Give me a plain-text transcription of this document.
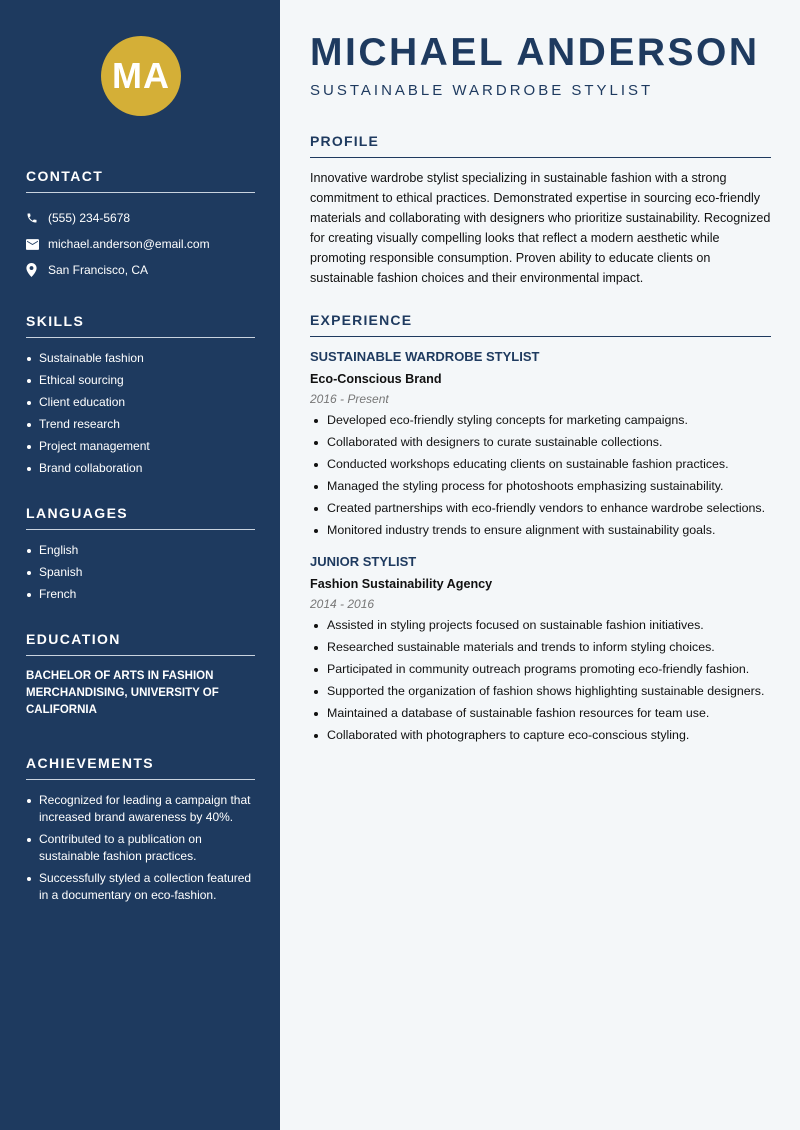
MA
CONTACT
(555) 234-5678
michael.anderson@email.com
San Francisco, CA
SKILLS
Sustainable fashion
Ethical sourcing
Client education
Trend research
Project management
Brand collaboration
LANGUAGES
English
Spanish
French
EDUCATION
BACHELOR OF ARTS IN FASHION MERCHANDISING, UNIVERSITY OF CALIFORNIA
ACHIEVEMENTS
Recognized for leading a campaign that increased brand awareness by 40%.
Contributed to a publication on sustainable fashion practices.
Successfully styled a collection featured in a documentary on eco-fashion.
MICHAEL ANDERSON
SUSTAINABLE WARDROBE STYLIST
PROFILE

Innovative wardrobe stylist specializing in sustainable fashion with a strong commitment to ethical practices. Demonstrated expertise in sourcing eco-friendly materials and collaborating with designers who prioritize sustainability. Recognized for creating visually compelling looks that reflect a modern aesthetic while promoting responsible consumption. Proven ability to educate clients on sustainable fashion choices and their environmental impact.

EXPERIENCE
SUSTAINABLE WARDROBE STYLIST
Eco-Conscious Brand
2016 - Present
Developed eco-friendly styling concepts for marketing campaigns.
Collaborated with designers to curate sustainable collections.
Conducted workshops educating clients on sustainable fashion practices.
Managed the styling process for photoshoots emphasizing sustainability.
Created partnerships with eco-friendly vendors to enhance wardrobe selections.
Monitored industry trends to ensure alignment with sustainability goals.
JUNIOR STYLIST
Fashion Sustainability Agency
2014 - 2016
Assisted in styling projects focused on sustainable fashion initiatives.
Researched sustainable materials and trends to inform styling choices.
Participated in community outreach programs promoting eco-friendly fashion.
Supported the organization of fashion shows highlighting sustainable designers.
Maintained a database of sustainable fashion resources for team use.
Collaborated with photographers to capture eco-conscious styling.
